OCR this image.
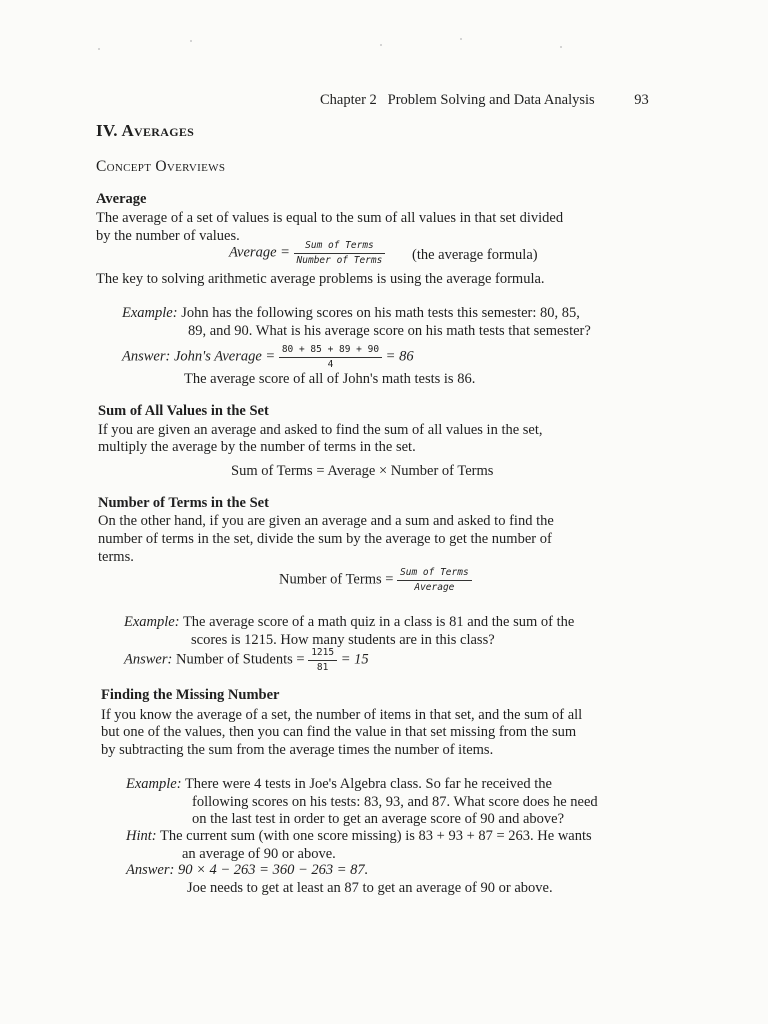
Chapter 2   Problem Solving and Data Analysis	93
IV. Averages
Concept Overviews
Average
The average of a set of values is equal to the sum of all values in that set divided
by the number of values.
Average = $\frac{\text{Sum of Terms}}{\text{Number of Terms}} (the$ average formula)
The key to solving arithmetic average problems is using the average formula.
Example: John has the following scores on his math tests this semester: 80, 85,
89, and 90. What is his average score on his math tests that semester?
Answer: John's Average = $\frac{80 + 85 + 89 + 90}{4} = 86$
The average score of all of John's math tests is 86.
Sum of All Values in the Set
If you are given an average and asked to find the sum of all values in the set,
multiply the average by the number of terms in the set.
Sum of Terms = Average × Number of Terms
Number of Terms in the Set
On the other hand, if you are given an average and a sum and asked to find the
number of terms in the set, divide the sum by the average to get the number of
terms.
Number of Terms = $\frac{\text{Sum of Terms}}{\text{Average}}$
Example: The average score of a math quiz in a class is 81 and the sum of the
scores is 1215. How many students are in this class?
Answer: Number of Students = $\frac{1215}{81} = 15$
Finding the Missing Number
If you know the average of a set, the number of items in that set, and the sum of all
but one of the values, then you can find the value in that set missing from the sum
by subtracting the sum from the average times the number of items.
Example: There were 4 tests in Joe's Algebra class. So far he received the
following scores on his tests: 83, 93, and 87. What score does he need
on the last test in order to get an average score of 90 and above?
Hint: The current sum (with one score missing) is 83 + 93 + 87 = 263. He wants
an average of 90 or above.
Answer: 90 × 4 − 263 = 360 − 263 = 87.
Joe needs to get at least an 87 to get an average of 90 or above.
